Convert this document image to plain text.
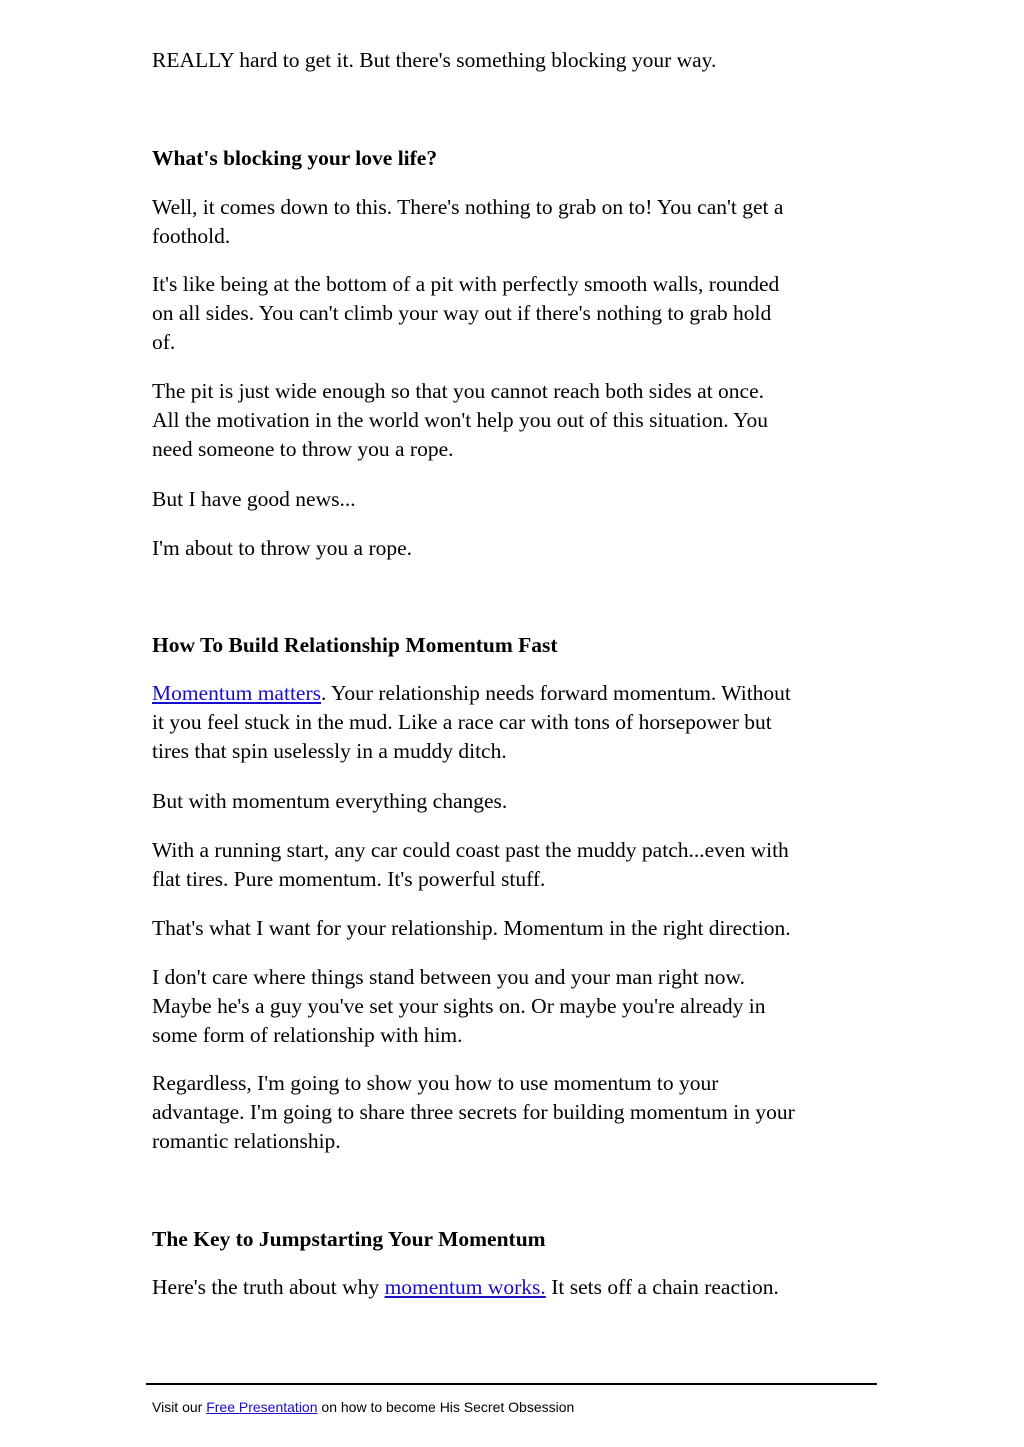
REALLY hard to get it. But there's something blocking your way.

What's blocking your love life?

Well, it comes down to this. There's nothing to grab on to! You can't get a
foothold.

It's like being at the bottom of a pit with perfectly smooth walls, rounded
on all sides. You can't climb your way out if there's nothing to grab hold
of.

The pit is just wide enough so that you cannot reach both sides at once.
All the motivation in the world won't help you out of this situation. You
need someone to throw you a rope.

But I have good news...

I'm about to throw you a rope.

How To Build Relationship Momentum Fast

Momentum matters. Your relationship needs forward momentum. Without
it you feel stuck in the mud. Like a race car with tons of horsepower but
tires that spin uselessly in a muddy ditch.

But with momentum everything changes.

With a running start, any car could coast past the muddy patch...even with
flat tires. Pure momentum. It's powerful stuff.

That's what I want for your relationship. Momentum in the right direction.

I don't care where things stand between you and your man right now.
Maybe he's a guy you've set your sights on. Or maybe you're already in
some form of relationship with him.

Regardless, I'm going to show you how to use momentum to your
advantage. I'm going to share three secrets for building momentum in your
romantic relationship.

The Key to Jumpstarting Your Momentum

Here's the truth about why momentum works. It sets off a chain reaction.

Visit our Free Presentation on how to become His Secret Obsession
